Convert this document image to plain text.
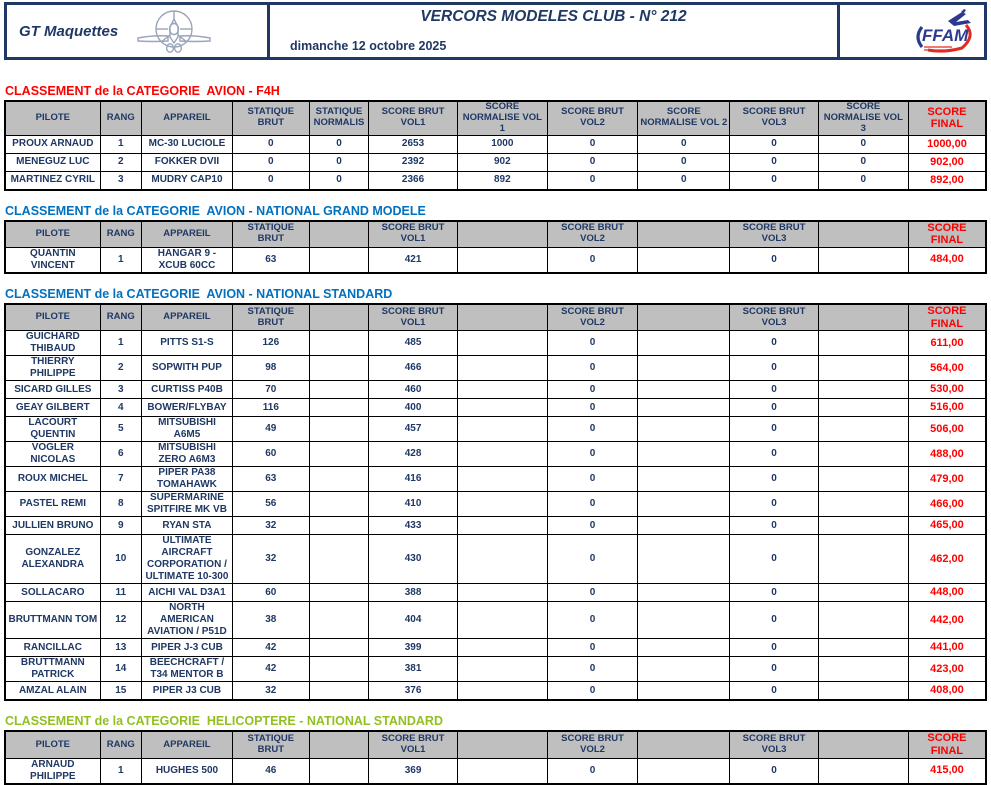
GT Maquettes
VERCORS MODELES CLUB - N° 212
dimanche 12 octobre 2025
FFAM
CLASSEMENT de la CATEGORIE  AVION - F4H
PILOTE	RANG	APPAREIL	STATIQUE BRUT	STATIQUE NORMALIS	SCORE BRUT VOL1	SCORE NORMALISE VOL 1	SCORE BRUT VOL2	SCORE NORMALISE VOL 2	SCORE BRUT VOL3	SCORE NORMALISE VOL 3	SCORE FINAL
PROUX ARNAUD	1	MC-30 LUCIOLE	0	0	2653	1000	0	0	0	0	1000,00
MENEGUZ LUC	2	FOKKER DVII	0	0	2392	902	0	0	0	0	902,00
MARTINEZ CYRIL	3	MUDRY CAP10	0	0	2366	892	0	0	0	0	892,00
CLASSEMENT de la CATEGORIE  AVION - NATIONAL GRAND MODELE
PILOTE	RANG	APPAREIL	STATIQUE BRUT		SCORE BRUT VOL1		SCORE BRUT VOL2		SCORE BRUT VOL3		SCORE FINAL
QUANTIN VINCENT	1	HANGAR 9 - XCUB 60CC	63		421		0		0		484,00
CLASSEMENT de la CATEGORIE  AVION - NATIONAL STANDARD
PILOTE	RANG	APPAREIL	STATIQUE BRUT		SCORE BRUT VOL1		SCORE BRUT VOL2		SCORE BRUT VOL3		SCORE FINAL
GUICHARD THIBAUD	1	PITTS S1-S	126		485		0		0		611,00
THIERRY PHILIPPE	2	SOPWITH PUP	98		466		0		0		564,00
SICARD GILLES	3	CURTISS P40B	70		460		0		0		530,00
GEAY GILBERT	4	BOWER/FLYBAY	116		400		0		0		516,00
LACOURT QUENTIN	5	MITSUBISHI A6M5	49		457		0		0		506,00
VOGLER NICOLAS	6	MITSUBISHI ZERO A6M3	60		428		0		0		488,00
ROUX MICHEL	7	PIPER PA38 TOMAHAWK	63		416		0		0		479,00
PASTEL REMI	8	SUPERMARINE SPITFIRE MK VB	56		410		0		0		466,00
JULLIEN BRUNO	9	RYAN STA	32		433		0		0		465,00
GONZALEZ ALEXANDRA	10	ULTIMATE AIRCRAFT CORPORATION / ULTIMATE 10-300	32		430		0		0		462,00
SOLLACARO	11	AICHI VAL D3A1	60		388		0		0		448,00
BRUTTMANN TOM	12	NORTH AMERICAN AVIATION / P51D	38		404		0		0		442,00
RANCILLAC	13	PIPER J-3 CUB	42		399		0		0		441,00
BRUTTMANN PATRICK	14	BEECHCRAFT / T34 MENTOR B	42		381		0		0		423,00
AMZAL ALAIN	15	PIPER J3 CUB	32		376		0		0		408,00
CLASSEMENT de la CATEGORIE  HELICOPTERE - NATIONAL STANDARD
PILOTE	RANG	APPAREIL	STATIQUE BRUT		SCORE BRUT VOL1		SCORE BRUT VOL2		SCORE BRUT VOL3		SCORE FINAL
ARNAUD PHILIPPE	1	HUGHES 500	46		369		0		0		415,00
